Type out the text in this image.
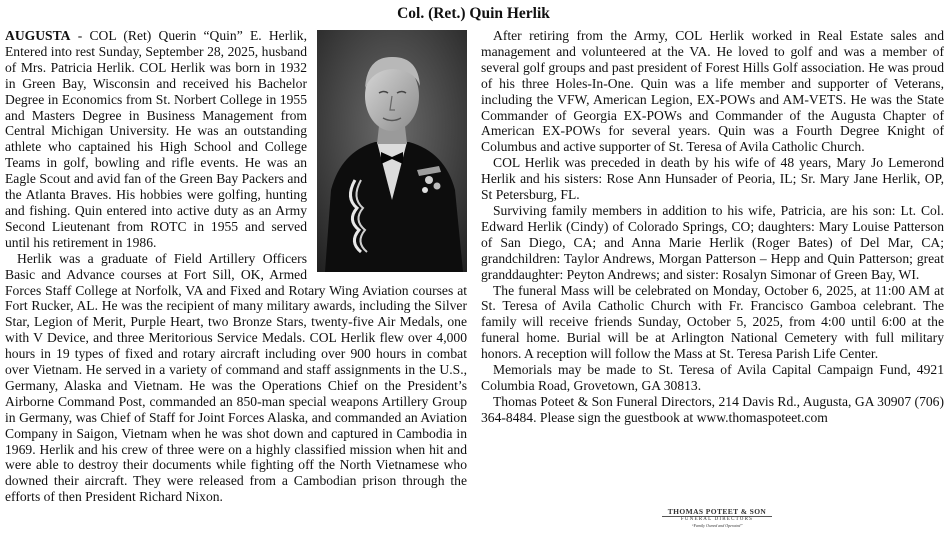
Col. (Ret.) Quin Herlik

AUGUSTA - COL (Ret) Querin “Quin” E. Herlik, Entered into rest Sunday, September 28, 2025, husband of Mrs. Patricia Herlik. COL Herlik was born in 1932 in Green Bay, Wisconsin and received his Bachelor Degree in Economics from St. Norbert College in 1955 and Masters Degree in Business Management from Central Michigan University. He was an outstanding athlete who captained his High School and College Teams in golf, bowling and rifle events. He was an Eagle Scout and avid fan of the Green Bay Packers and the Atlanta Braves. His hobbies were golfing, hunting and fishing. Quin entered into active duty as an Army Second Lieutenant from ROTC in 1955 and served until his retirement in 1986.

Herlik was a graduate of Field Artillery Officers Basic and Advance courses at Fort Sill, OK, Armed Forces Staff College at Norfolk, VA and Fixed and Rotary Wing Aviation courses at Fort Rucker, AL. He was the recipient of many military awards, including the Silver Star, Legion of Merit, Purple Heart, two Bronze Stars, twenty-five Air Medals, one with V Device, and three Meritorious Service Medals. COL Herlik flew over 4,000 hours in 19 types of fixed and rotary aircraft including over 900 hours in combat over Vietnam. He served in a variety of command and staff assignments in the U.S., Germany, Alaska and Vietnam. He was the Operations Chief on the President’s Airborne Command Post, commanded an 850-man special weapons Artillery Group in Germany, was Chief of Staff for Joint Forces Alaska, and commanded an Aviation Company in Saigon, Vietnam when he was shot down and captured in Cambodia in 1969. Herlik and his crew of three were on a highly classified mission when hit and were able to destroy their documents while fighting off the North Vietnamese who downed their aircraft. They were released from a Cambodian prison through the efforts of then President Richard Nixon.

After retiring from the Army, COL Herlik worked in Real Estate sales and management and volunteered at the VA. He loved to golf and was a member of several golf groups and past president of Forest Hills Golf association. He was proud of his three Holes-In-One. Quin was a life member and supporter of Veterans, including the VFW, American Legion, EX-POWs and AM-VETS. He was the State Commander of Georgia EX-POWs and Commander of the Augusta Chapter of American EX-POWs for several years. Quin was a Fourth Degree Knight of Columbus and active supporter of St. Teresa of Avila Catholic Church.

COL Herlik was preceded in death by his wife of 48 years, Mary Jo Lemerond Herlik and his sisters: Rose Ann Hunsader of Peoria, IL; Sr. Mary Jane Herlik, OP, St Petersburg, FL.

Surviving family members in addition to his wife, Patricia, are his son: Lt. Col. Edward Herlik (Cindy) of Colorado Springs, CO; daughters: Mary Louise Patterson of San Diego, CA; and Anna Marie Herlik (Roger Bates) of Del Mar, CA; grandchildren: Taylor Andrews, Morgan Patterson – Hepp and Quin Patterson; great granddaughter: Peyton Andrews; and sister: Rosalyn Simonar of Green Bay, WI.

The funeral Mass will be celebrated on Monday, October 6, 2025, at 11:00 AM at St. Teresa of Avila Catholic Church with Fr. Francisco Gamboa celebrant. The family will receive friends Sunday, October 5, 2025, from 4:00 until 6:00 at the funeral home. Burial will be at Arlington National Cemetery with full military honors. A reception will follow the Mass at St. Teresa Parish Life Center.

Memorials may be made to St. Teresa of Avila Capital Campaign Fund, 4921 Columbia Road, Grovetown, GA 30813.

Thomas Poteet & Son Funeral Directors, 214 Davis Rd., Augusta, GA 30907 (706) 364-8484. Please sign the guestbook at www.thomaspoteet.com

THOMAS POTEET & SON
FUNERAL DIRECTORS
“Family Owned and Operated”
